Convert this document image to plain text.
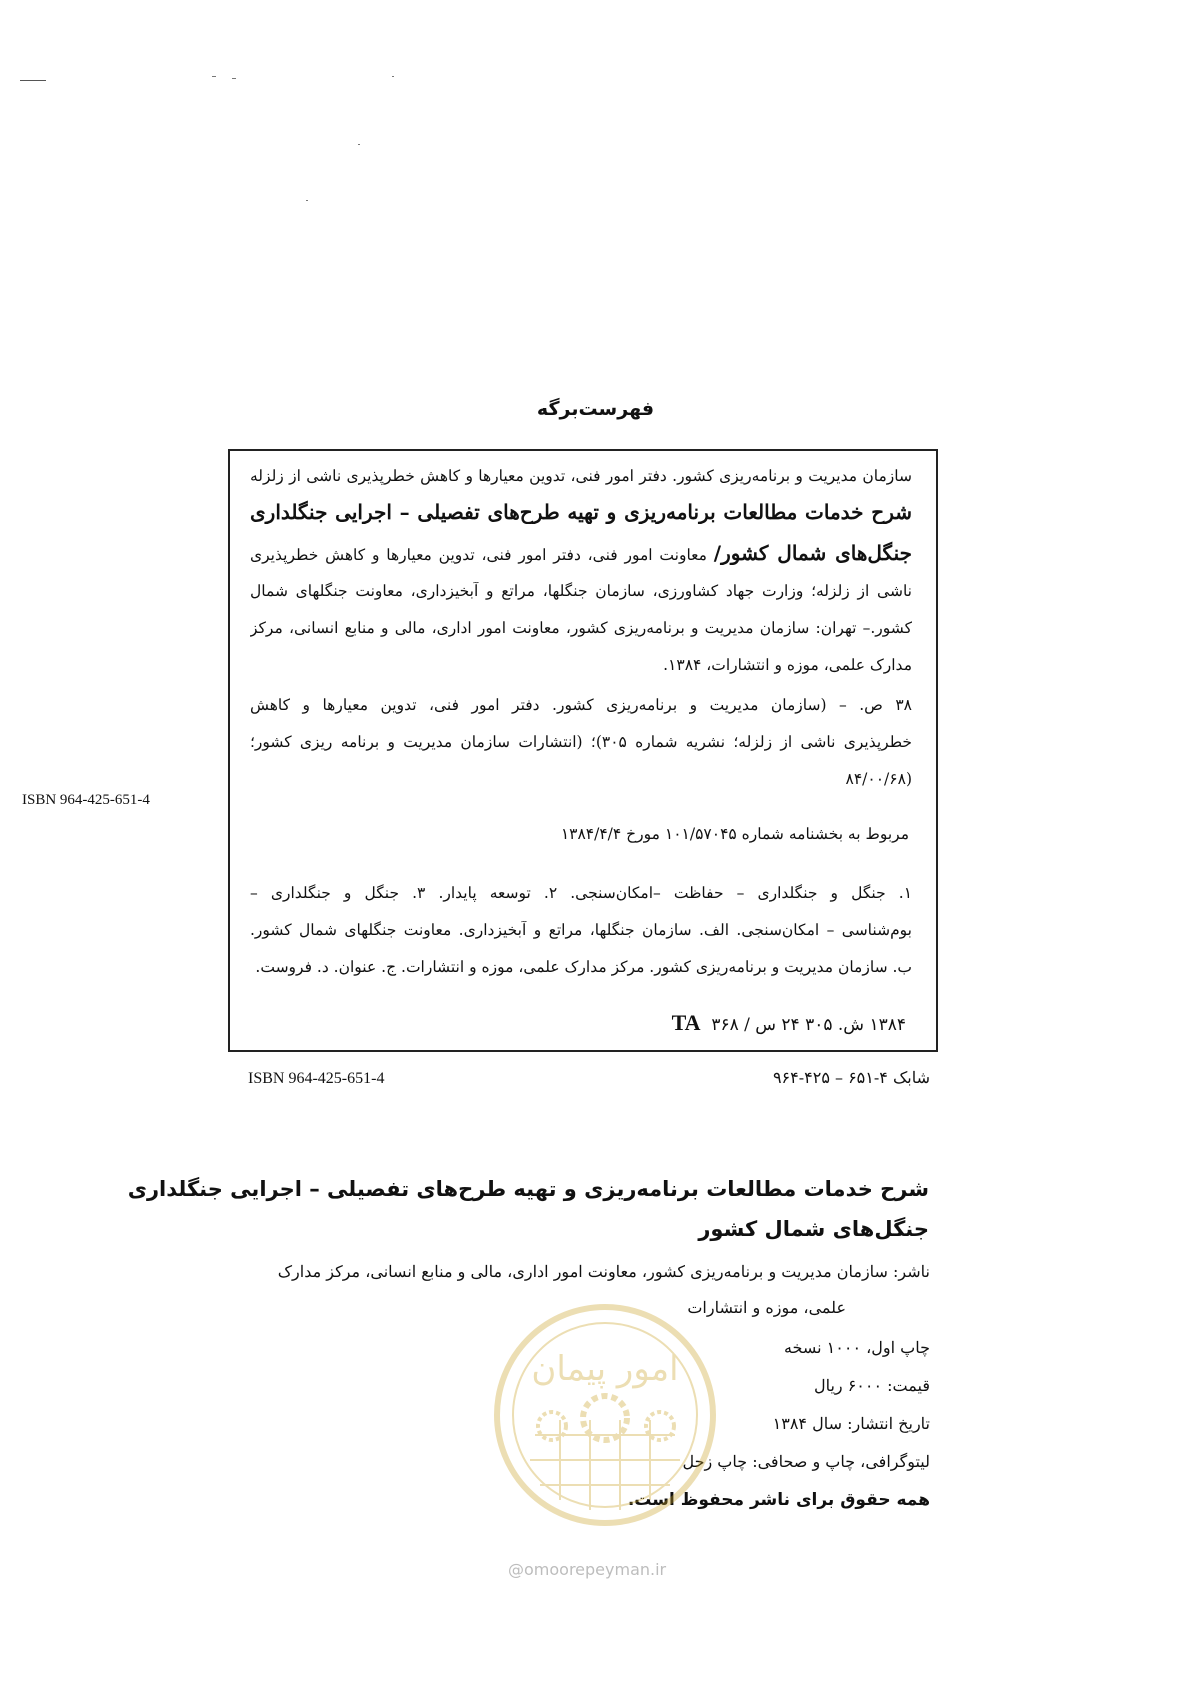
فهرست‌برگه
سازمان مدیریت و برنامه‌ریزی کشور. دفتر امور فنی، تدوین معیارها و کاهش خطرپذیری ناشی از زلزله
شرح خدمات مطالعات برنامه‌ریزی و تهیه طرح‌های تفصیلی – اجرایی جنگلداری
جنگل‌های شمال کشور/ معاونت امور فنی، دفتر امور فنی، تدوین معیارها و کاهش خطرپذیری
ناشی از زلزله؛ وزارت جهاد کشاورزی، سازمان جنگلها، مراتع و آبخیزداری، معاونت جنگلهای شمال
کشور.– تهران: سازمان مدیریت و برنامه‌ریزی کشور، معاونت امور اداری، مالی و منابع انسانی، مرکز
مدارک علمی، موزه و انتشارات، ۱۳۸۴.
۳۸ ص. – (سازمان مدیریت و برنامه‌ریزی کشور. دفتر امور فنی، تدوین معیارها و کاهش
خطرپذیری ناشی از زلزله؛ نشریه شماره ۳۰۵)؛ (انتشارات سازمان مدیریت و برنامه ریزی کشور؛
(۸۴/۰۰/۶۸
۱. جنگل و جنگلداری – حفاظت –امکان‌سنجی. ۲. توسعه پایدار. ۳. جنگل و جنگلداری –
بوم‌شناسی – امکان‌سنجی. الف. سازمان جنگلها، مراتع و آبخیزداری. معاونت جنگلهای شمال کشور.
ب. سازمان مدیریت و برنامه‌ریزی کشور. مرکز مدارک علمی، موزه و انتشارات. ج. عنوان. د. فروست.
ISBN 964-425-651-4
مربوط به بخشنامه شماره ۱۰۱/۵۷۰۴۵ مورخ ۱۳۸۴/۴/۴
۱۳۸۴ ش. ۳۰۵ ۲۴ س / ۳۶۸  TA
ISBN 964-425-651-4	شابک ۴-۶۵۱ – ۴۲۵-۹۶۴
شرح خدمات مطالعات برنامه‌ریزی و تهیه طرح‌های تفصیلی – اجرایی جنگلداری
جنگل‌های شمال کشور
ناشر: سازمان مدیریت و برنامه‌ریزی کشور، معاونت امور اداری، مالی و منابع انسانی، مرکز مدارک
علمی، موزه و انتشارات
چاپ اول، ۱۰۰۰ نسخه
قیمت: ۶۰۰۰ ریال
تاریخ انتشار: سال ۱۳۸۴
لیتوگرافی، چاپ و صحافی: چاپ زحل
همه حقوق برای ناشر محفوظ است.
امور پیمان
@omoorepeyman.ir
